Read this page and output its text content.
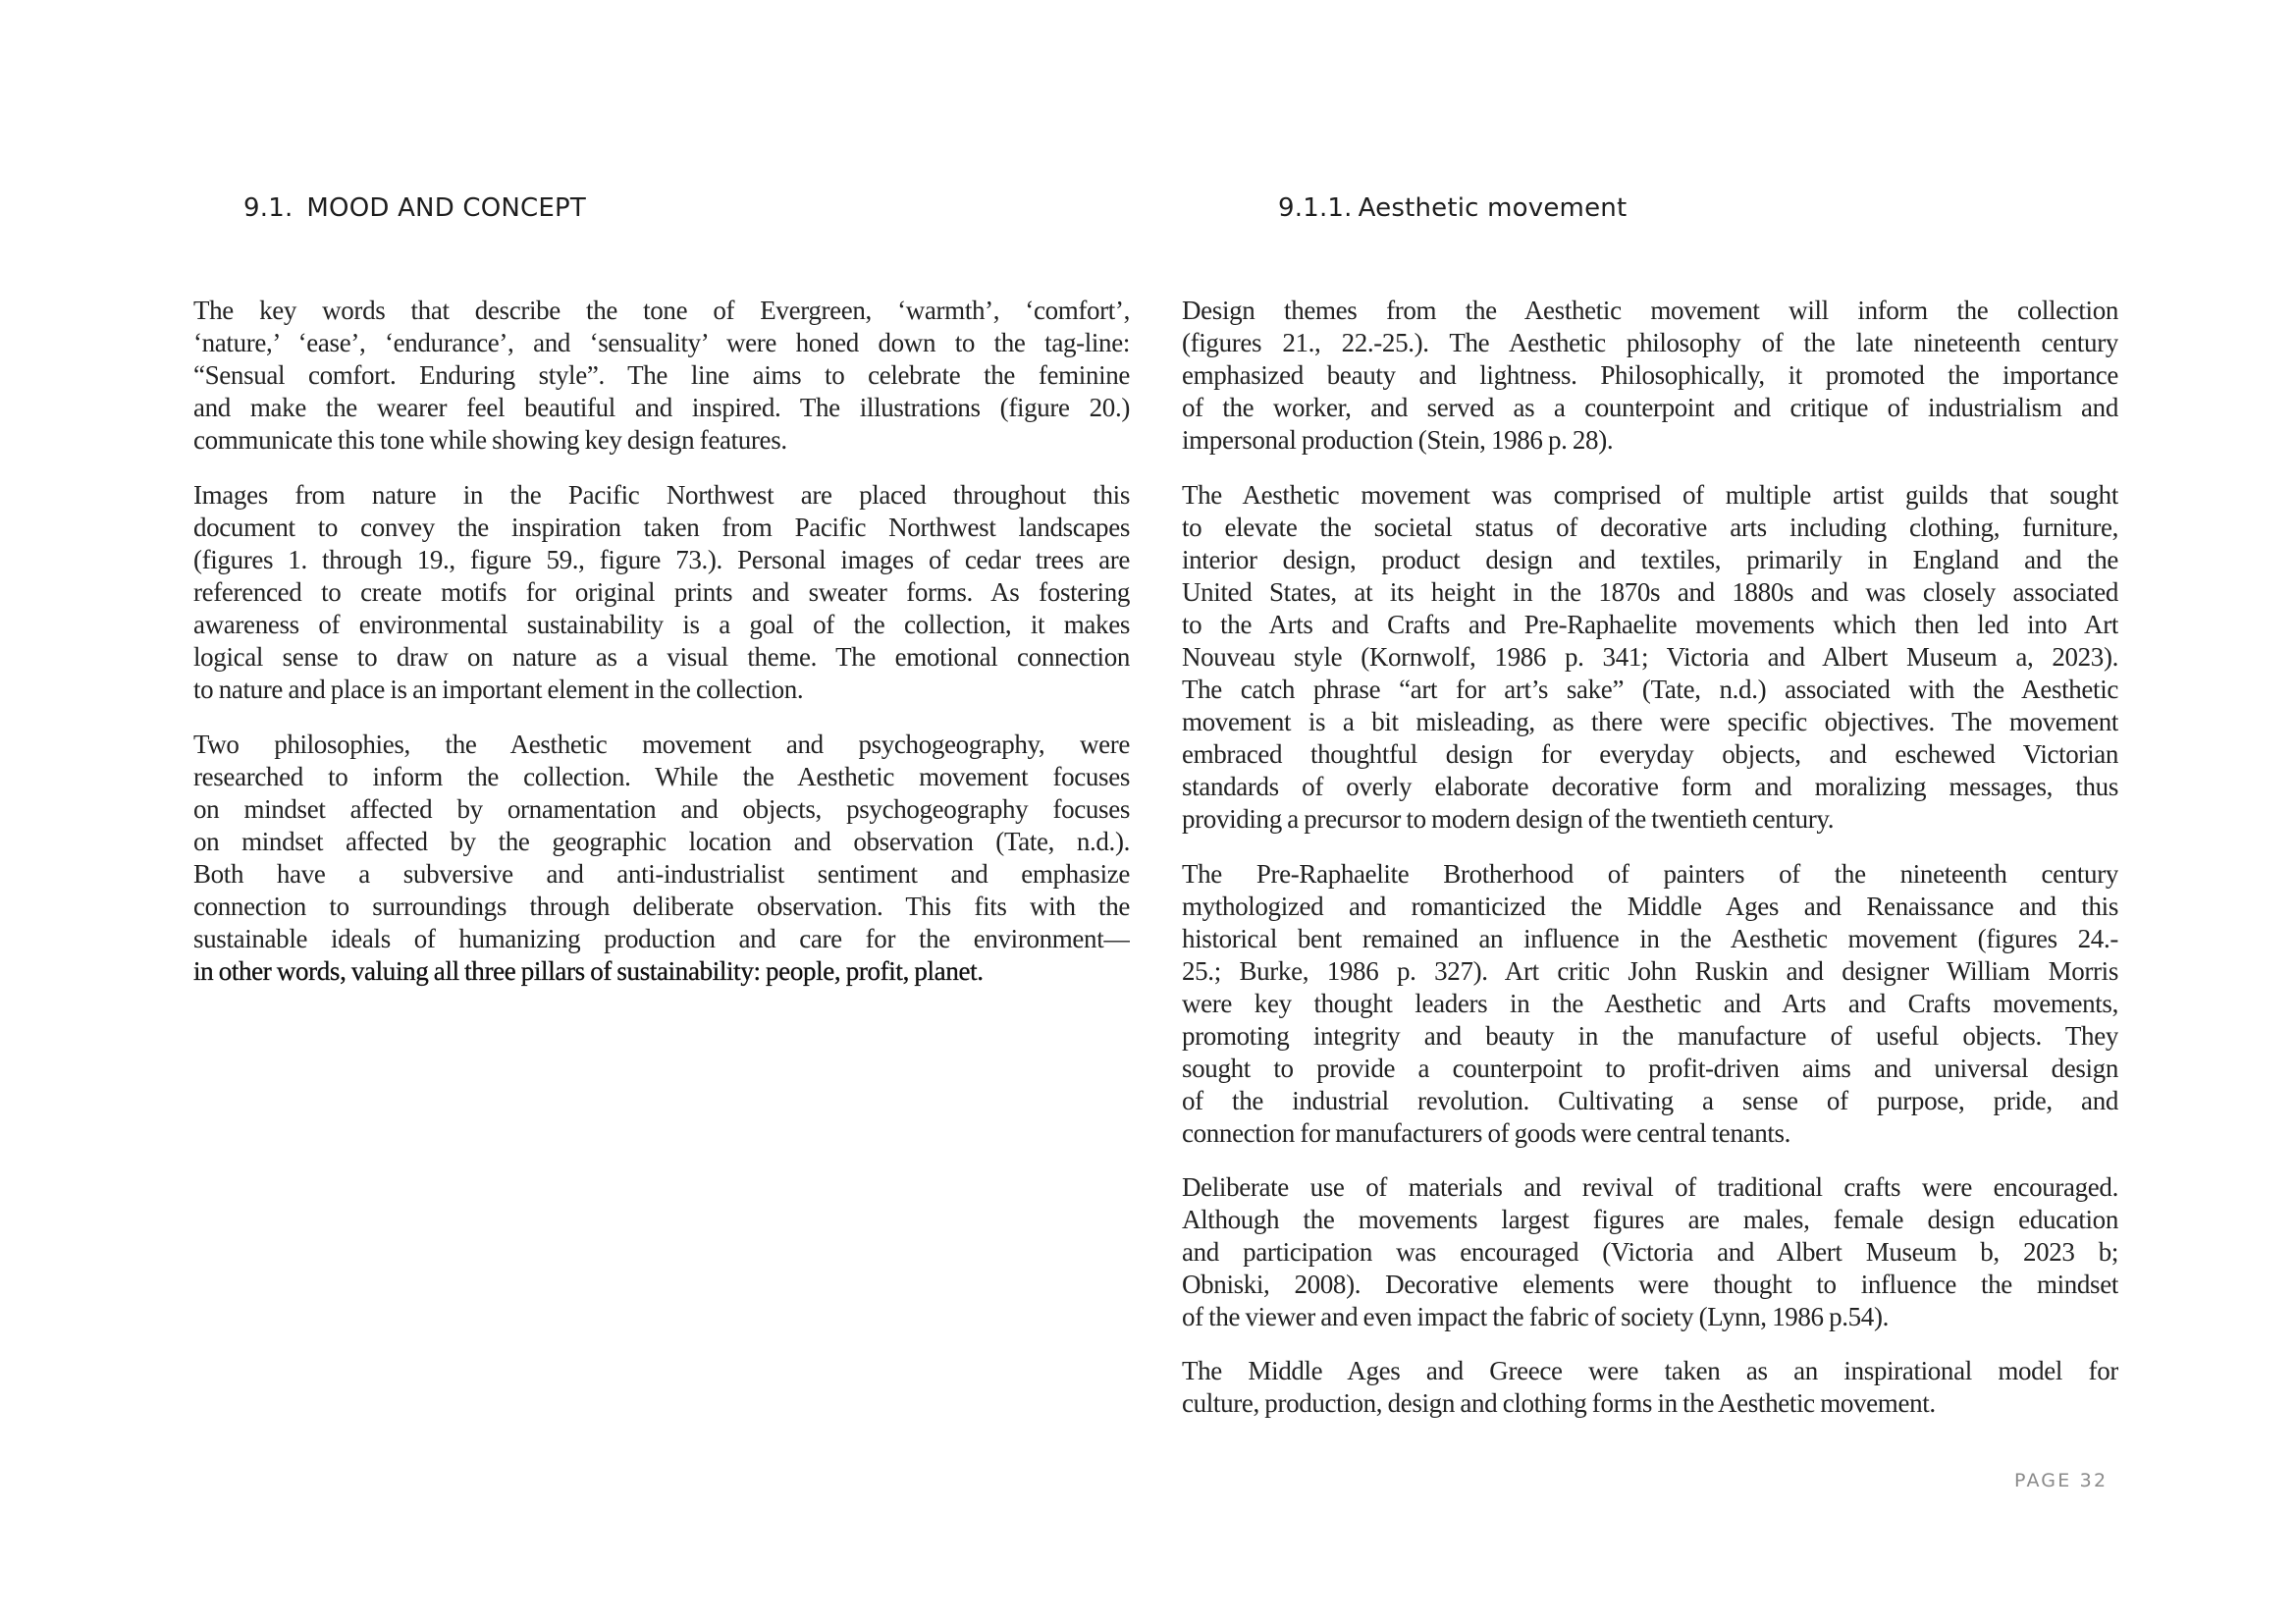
9.1. MOOD AND CONCEPT	9.1.1. Aesthetic movement

The key words that describe the tone of Evergreen, ‘warmth’, ‘comfort’,
‘nature,’ ‘ease’, ‘endurance’, and ‘sensuality’ were honed down to the tag-line:
“Sensual comfort. Enduring style”. The line aims to celebrate the feminine
and make the wearer feel beautiful and inspired. The illustrations (figure 20.)
communicate this tone while showing key design features.

Images from nature in the Pacific Northwest are placed throughout this
document to convey the inspiration taken from Pacific Northwest landscapes
(figures 1. through 19., figure 59., figure 73.). Personal images of cedar trees are
referenced to create motifs for original prints and sweater forms. As fostering
awareness of environmental sustainability is a goal of the collection, it makes
logical sense to draw on nature as a visual theme. The emotional connection
to nature and place is an important element in the collection.

Two philosophies, the Aesthetic movement and psychogeography, were
researched to inform the collection. While the Aesthetic movement focuses
on mindset affected by ornamentation and objects, psychogeography focuses
on mindset affected by the geographic location and observation (Tate, n.d.).
Both have a subversive and anti-industrialist sentiment and emphasize
connection to surroundings through deliberate observation. This fits with the
sustainable ideals of humanizing production and care for the environment—
in other words, valuing all three pillars of sustainability: people, profit, planet.

Design themes from the Aesthetic movement will inform the collection
(figures 21., 22.-25.). The Aesthetic philosophy of the late nineteenth century
emphasized beauty and lightness. Philosophically, it promoted the importance
of the worker, and served as a counterpoint and critique of industrialism and
impersonal production (Stein, 1986 p. 28).

The Aesthetic movement was comprised of multiple artist guilds that sought
to elevate the societal status of decorative arts including clothing, furniture,
interior design, product design and textiles, primarily in England and the
United States, at its height in the 1870s and 1880s and was closely associated
to the Arts and Crafts and Pre-Raphaelite movements which then led into Art
Nouveau style (Kornwolf, 1986 p. 341; Victoria and Albert Museum a, 2023).
The catch phrase “art for art’s sake” (Tate, n.d.) associated with the Aesthetic
movement is a bit misleading, as there were specific objectives. The movement
embraced thoughtful design for everyday objects, and eschewed Victorian
standards of overly elaborate decorative form and moralizing messages, thus
providing a precursor to modern design of the twentieth century.

The Pre-Raphaelite Brotherhood of painters of the nineteenth century
mythologized and romanticized the Middle Ages and Renaissance and this
historical bent remained an influence in the Aesthetic movement (figures 24.-
25.; Burke, 1986 p. 327). Art critic John Ruskin and designer William Morris
were key thought leaders in the Aesthetic and Arts and Crafts movements,
promoting integrity and beauty in the manufacture of useful objects. They
sought to provide a counterpoint to profit-driven aims and universal design
of the industrial revolution. Cultivating a sense of purpose, pride, and
connection for manufacturers of goods were central tenants.

Deliberate use of materials and revival of traditional crafts were encouraged.
Although the movements largest figures are males, female design education
and participation was encouraged (Victoria and Albert Museum b, 2023 b;
Obniski, 2008). Decorative elements were thought to influence the mindset
of the viewer and even impact the fabric of society (Lynn, 1986 p.54).

The Middle Ages and Greece were taken as an inspirational model for
culture, production, design and clothing forms in the Aesthetic movement.

PAGE 32
